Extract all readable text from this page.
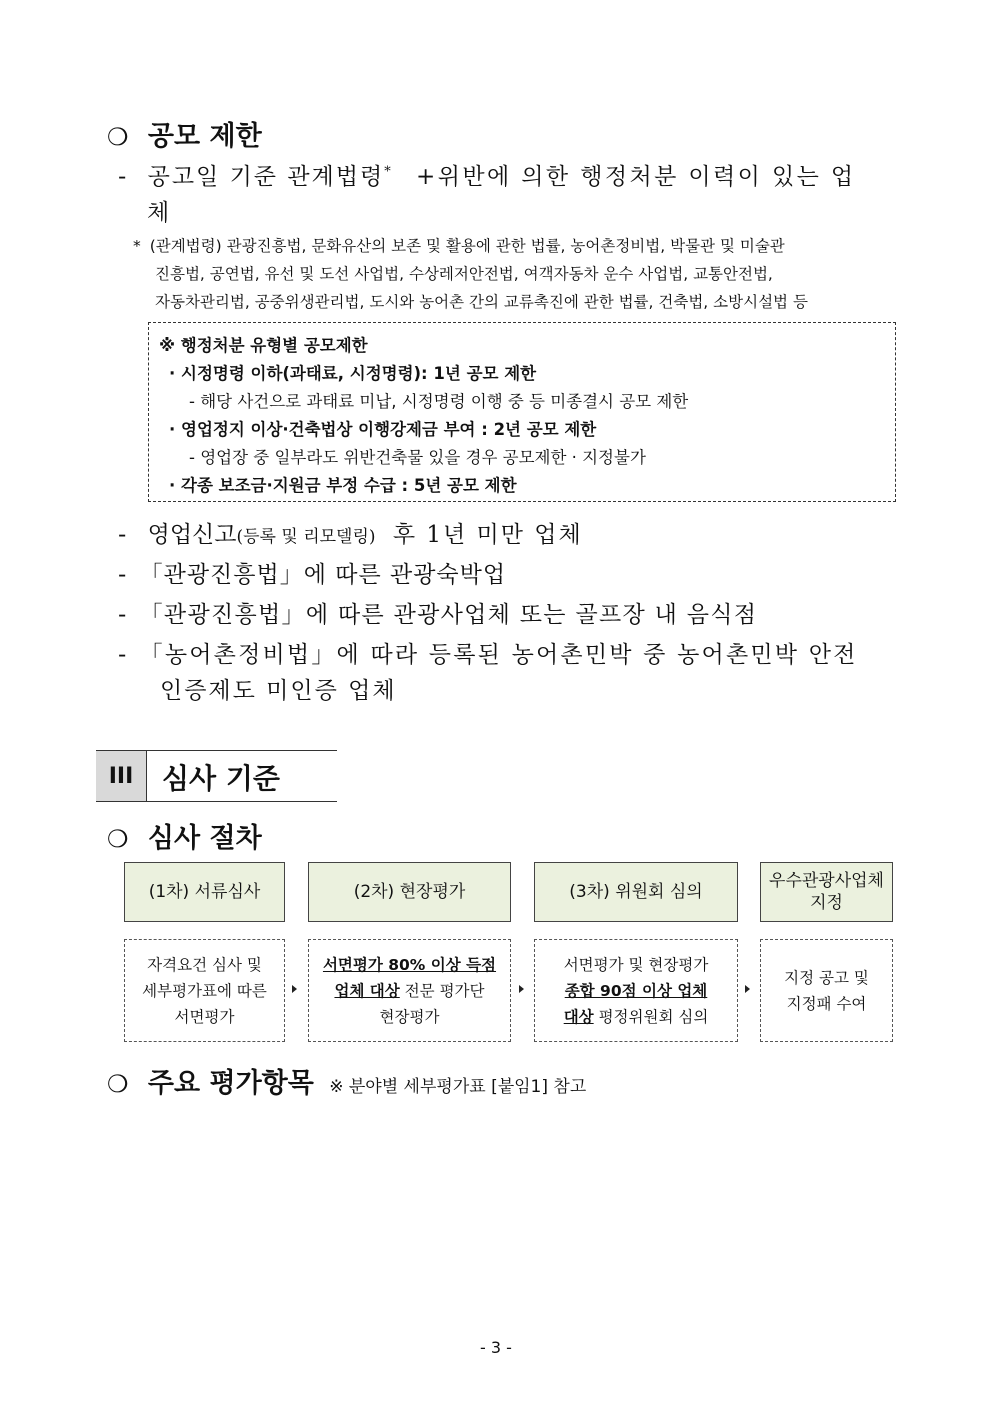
❍ 공모 제한
- 공고일 기준 관계법령* +위반에 의한 행정처분 이력이 있는 업
체
* (관계법령) 관광진흥법, 문화유산의 보존 및 활용에 관한 법률, 농어촌정비법, 박물관 및 미술관
진흥법, 공연법, 유선 및 도선 사업법, 수상레저안전법, 여객자동차 운수 사업법, 교통안전법,
자동차관리법, 공중위생관리법, 도시와 농어촌 간의 교류촉진에 관한 법률, 건축법, 소방시설법 등
※ 행정처분 유형별 공모제한
· 시정명령 이하(과태료, 시정명령): 1년 공모 제한
- 해당 사건으로 과태료 미납, 시정명령 이행 중 등 미종결시 공모 제한
· 영업정지 이상·건축법상 이행강제금 부여 : 2년 공모 제한
- 영업장 중 일부라도 위반건축물 있을 경우 공모제한 · 지정불가
· 각종 보조금·지원금 부정 수급 : 5년 공모 제한
- 영업신고(등록 및 리모델링) 후 1년 미만 업체
- 「관광진흥법」에 따른 관광숙박업
- 「관광진흥법」에 따른 관광사업체 또는 골프장 내 음식점
- 「농어촌정비법」에 따라 등록된 농어촌민박 중 농어촌민박 안전
인증제도 미인증 업체
III	심사 기준
❍ 심사 절차
(1차) 서류심사	(2차) 현장평가	(3차) 위원회 심의
우수관광사업체
지정
자격요건 심사 및
세부평가표에 따른
서면평가
서면평가 80% 이상 득점
업체 대상 전문 평가단
현장평가
서면평가 및 현장평가
종합 90점 이상 업체
대상 평정위원회 심의
지정 공고 및
지정패 수여
❍ 주요 평가항목 ※ 분야별 세부평가표 [붙임1] 참고
- 3 -
